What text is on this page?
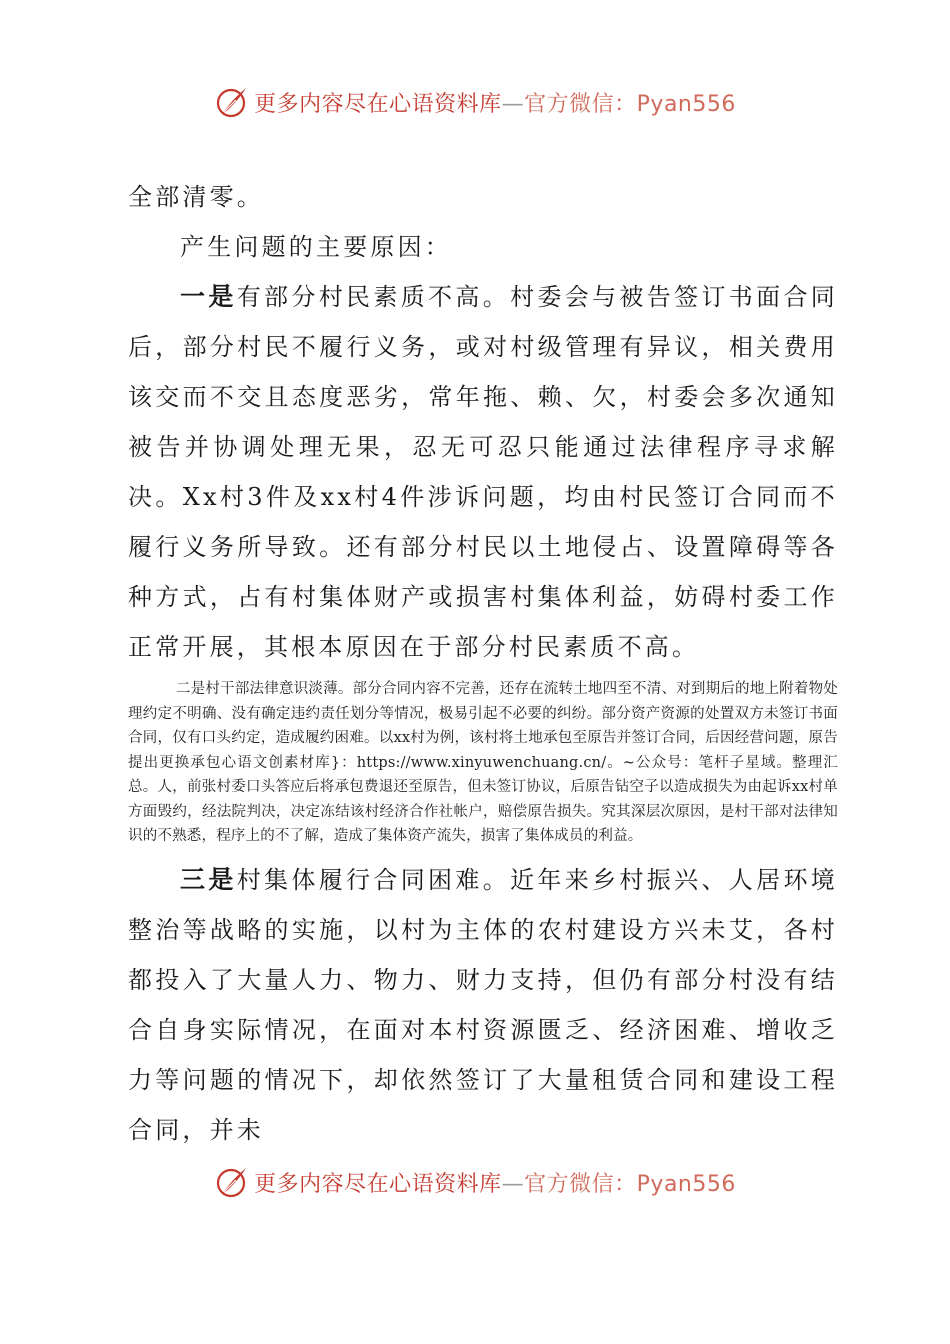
更多内容尽在心语资料库—官方微信：Pyan556

全部清零。

产生问题的主要原因：

一是有部分村民素质不高。村委会与被告签订书面合同后，部分村民不履行义务，或对村级管理有异议，相关费用该交而不交且态度恶劣，常年拖、赖、欠，村委会多次通知被告并协调处理无果，忍无可忍只能通过法律程序寻求解决。Xx村3件及xx村4件涉诉问题，均由村民签订合同而不履行义务所导致。还有部分村民以土地侵占、设置障碍等各种方式，占有村集体财产或损害村集体利益，妨碍村委工作正常开展，其根本原因在于部分村民素质不高。

二是村干部法律意识淡薄。部分合同内容不完善，还存在流转土地四至不清、对到期后的地上附着物处理约定不明确、没有确定违约责任划分等情况，极易引起不必要的纠纷。部分资产资源的处置双方未签订书面合同，仅有口头约定，造成履约困难。以xx村为例，该村将土地承包至原告并签订合同，后因经营问题，原告提出更换承包心语文创素材库}：https://www.xinyuwenchuang.cn/。~公众号：笔杆子星域。整理汇总。人，前张村委口头答应后将承包费退还至原告，但未签订协议，后原告钻空子以造成损失为由起诉xx村单方面毁约，经法院判决，决定冻结该村经济合作社帐户，赔偿原告损失。究其深层次原因，是村干部对法律知识的不熟悉，程序上的不了解，造成了集体资产流失，损害了集体成员的利益。

三是村集体履行合同困难。近年来乡村振兴、人居环境整治等战略的实施，以村为主体的农村建设方兴未艾，各村都投入了大量人力、物力、财力支持，但仍有部分村没有结合自身实际情况，在面对本村资源匮乏、经济困难、增收乏力等问题的情况下，却依然签订了大量租赁合同和建设工程合同，并未

更多内容尽在心语资料库—官方微信：Pyan556
